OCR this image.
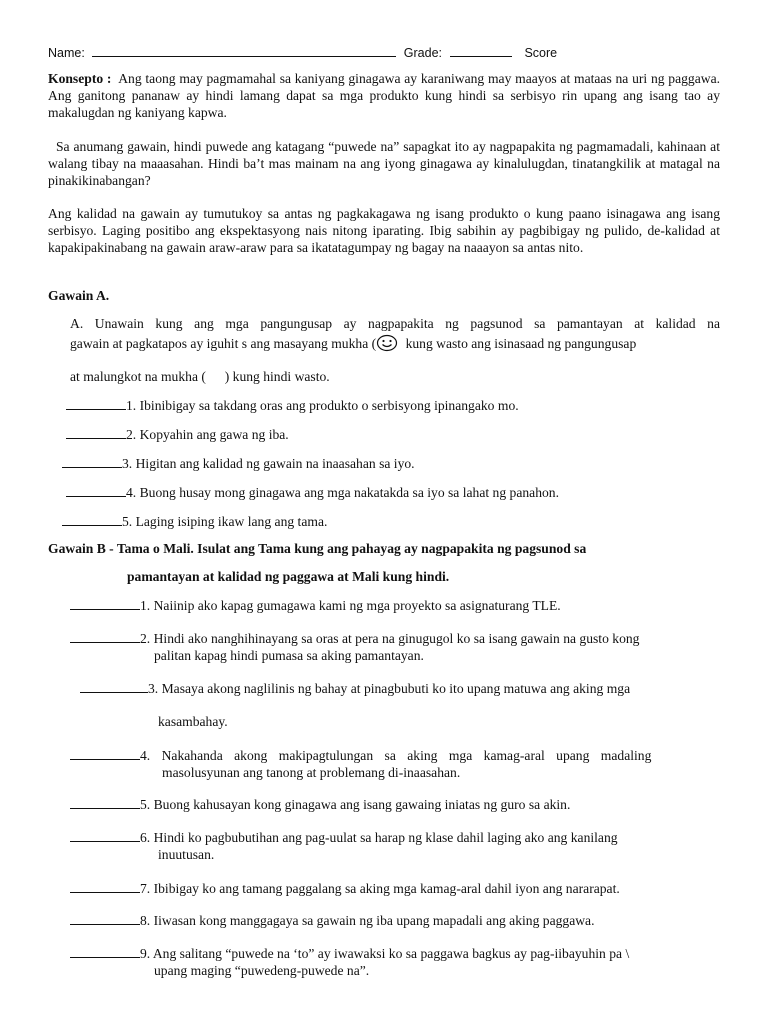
Name:	Grade:	Score
Konsepto : Ang taong may pagmamahal sa kaniyang ginagawa ay karaniwang may maayos at mataas na uri ng paggawa. Ang ganitong pananaw ay hindi lamang dapat sa mga produkto kung hindi sa serbisyo rin upang ang isang tao ay makalugdan ng kaniyang kapwa.
Sa anumang gawain, hindi puwede ang katagang “puwede na” sapagkat ito ay nagpapakita ng pagmamadali, kahinaan at walang tibay na maaasahan. Hindi ba’t mas mainam na ang iyong ginagawa ay kinalulugdan, tinatangkilik at matagal na pinakikinabangan?
Ang kalidad na gawain ay tumutukoy sa antas ng pagkakagawa ng isang produkto o kung paano isinagawa ang isang serbisyo. Laging positibo ang ekspektasyong nais nitong iparating. Ibig sabihin ay pagbibigay ng pulido, de-kalidad at kapakipakinabang na gawain araw-araw para sa ikatatagumpay ng bagay na naaayon sa antas nito.
Gawain A.
A. Unawain kung ang mga pangungusap ay nagpapakita ng pagsunod sa pamantayan at kalidad na
gawain at pagkatapos ay iguhit s ang masayang mukha ( kung wasto ang isinasaad ng pangungusap
at malungkot na mukha ( ) kung hindi wasto.
1. Ibinibigay sa takdang oras ang produkto o serbisyong ipinangako mo.
2. Kopyahin ang gawa ng iba.
3. Higitan ang kalidad ng gawain na inaasahan sa iyo.
4. Buong husay mong ginagawa ang mga nakatakda sa iyo sa lahat ng panahon.
5. Laging isiping ikaw lang ang tama.
Gawain B - Tama o Mali. Isulat ang Tama kung ang pahayag ay nagpapakita ng pagsunod sa
pamantayan at kalidad ng paggawa at Mali kung hindi.
1. Naiinip ako kapag gumagawa kami ng mga proyekto sa asignaturang TLE.
2. Hindi ako nanghihinayang sa oras at pera na ginugugol ko sa isang gawain na gusto kong
palitan kapag hindi pumasa sa aking pamantayan.
3. Masaya akong naglilinis ng bahay at pinagbubuti ko ito upang matuwa ang aking mga
kasambahay.
4. Nakahanda akong makipagtulungan sa aking mga kamag-aral upang madaling
masolusyunan ang tanong at problemang di-inaasahan.
5. Buong kahusayan kong ginagawa ang isang gawaing iniatas ng guro sa akin.
6. Hindi ko pagbubutihan ang pag-uulat sa harap ng klase dahil laging ako ang kanilang
inuutusan.
7. Ibibigay ko ang tamang paggalang sa aking mga kamag-aral dahil iyon ang nararapat.
8. Iiwasan kong manggagaya sa gawain ng iba upang mapadali ang aking paggawa.
9. Ang salitang “puwede na ‘to” ay iwawaksi ko sa paggawa bagkus ay pag-iibayuhin pa \
upang maging “puwedeng-puwede na”.
